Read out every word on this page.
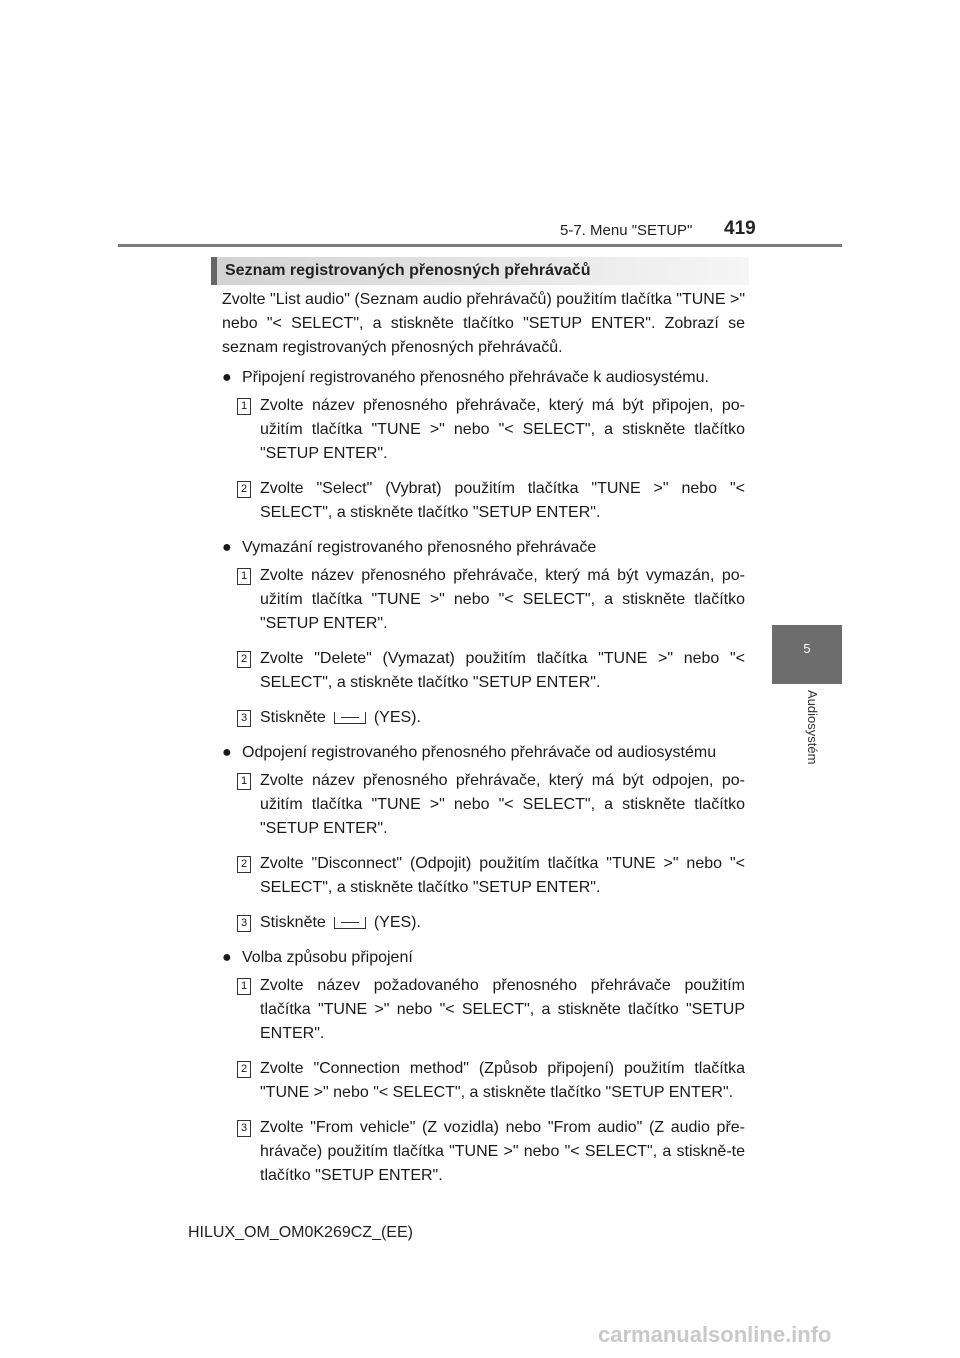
5-7. Menu "SETUP" 419
5
Audiosystém
Seznam registrovaných přenosných přehrávačů

Zvolte "List audio" (Seznam audio přehrávačů) použitím tlačítka "TUNE >" nebo "< SELECT", a stiskněte tlačítko "SETUP ENTER". Zobrazí se seznam registrovaných přenosných přehrávačů.

● Připojení registrovaného přenosného přehrávače k audiosystému.
1 Zvolte název přenosného přehrávače, který má být připojen, po-užitím tlačítka "TUNE >" nebo "< SELECT", a stiskněte tlačítko "SETUP ENTER".
2 Zvolte "Select" (Vybrat) použitím tlačítka "TUNE >" nebo "< SELECT", a stiskněte tlačítko "SETUP ENTER".
● Vymazání registrovaného přenosného přehrávače
1 Zvolte název přenosného přehrávače, který má být vymazán, po-užitím tlačítka "TUNE >" nebo "< SELECT", a stiskněte tlačítko "SETUP ENTER".
2 Zvolte "Delete" (Vymazat) použitím tlačítka "TUNE >" nebo "< SELECT", a stiskněte tlačítko "SETUP ENTER".
3 Stiskněte	(YES).
● Odpojení registrovaného přenosného přehrávače od audiosystému
1 Zvolte název přenosného přehrávače, který má být odpojen, po-užitím tlačítka "TUNE >" nebo "< SELECT", a stiskněte tlačítko "SETUP ENTER".
2 Zvolte "Disconnect" (Odpojit) použitím tlačítka "TUNE >" nebo "< SELECT", a stiskněte tlačítko "SETUP ENTER".
3 Stiskněte	(YES).
● Volba způsobu připojení
1 Zvolte název požadovaného přenosného přehrávače použitím tlačítka "TUNE >" nebo "< SELECT", a stiskněte tlačítko "SETUP ENTER".
2 Zvolte "Connection method" (Způsob připojení) použitím tlačítka "TUNE >" nebo "< SELECT", a stiskněte tlačítko "SETUP ENTER".
3 Zvolte "From vehicle" (Z vozidla) nebo "From audio" (Z audio pře-hrávače) použitím tlačítka "TUNE >" nebo "< SELECT", a stiskně-te tlačítko "SETUP ENTER".
HILUX_OM_OM0K269CZ_(EE)
carmanualsonline.info
